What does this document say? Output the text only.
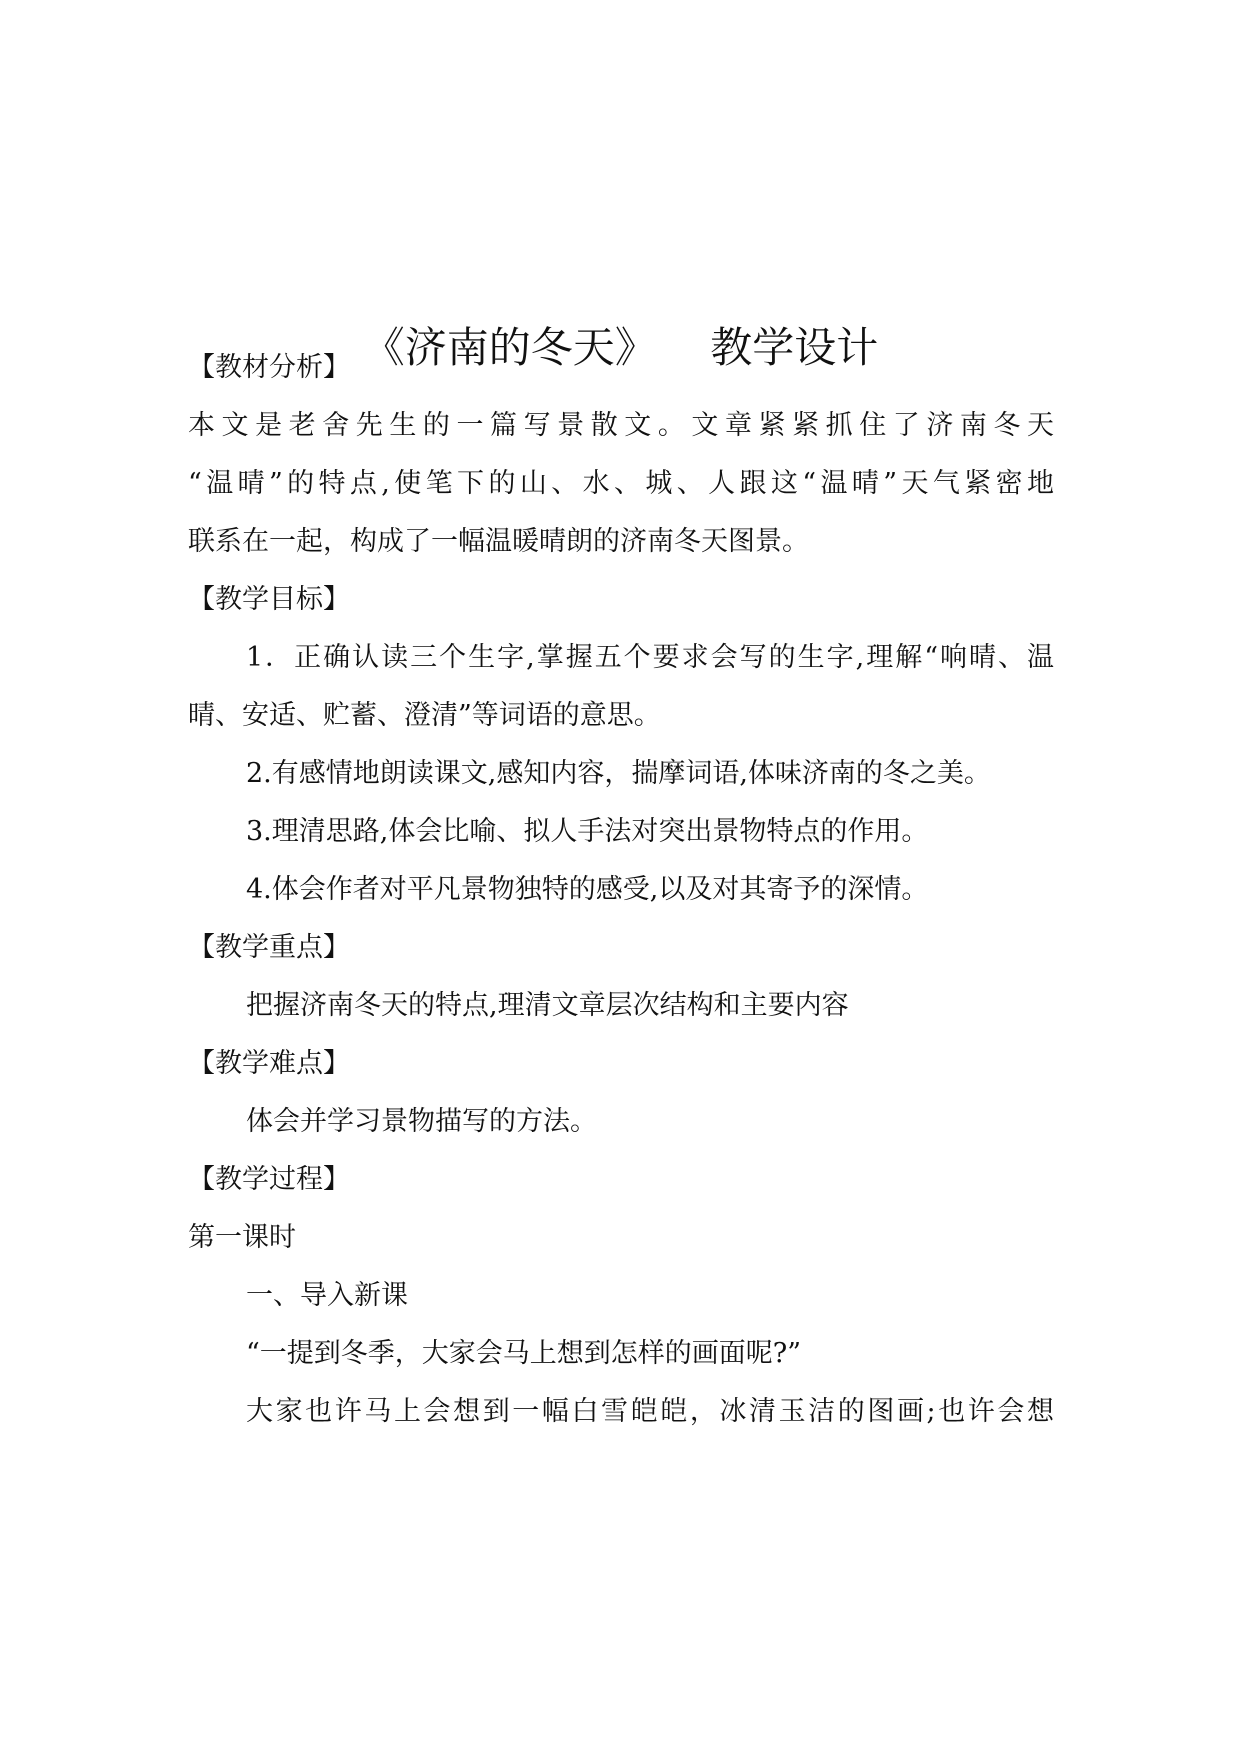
《济南的冬天》    教学设计
【教材分析】
本文是老舍先生的一篇写景散文。文章紧紧抓住了济南冬天
“温晴”的特点,使笔下的山、水、城、人跟这“温晴”天气紧密地
联系在一起，构成了一幅温暖晴朗的济南冬天图景。
【教学目标】
1．正确认读三个生字,掌握五个要求会写的生字,理解“响晴、温
晴、安适、贮蓄、澄清”等词语的意思。
2.有感情地朗读课文,感知内容，揣摩词语,体味济南的冬之美。
3.理清思路,体会比喻、拟人手法对突出景物特点的作用。
4.体会作者对平凡景物独特的感受,以及对其寄予的深情。
【教学重点】
把握济南冬天的特点,理清文章层次结构和主要内容
【教学难点】
体会并学习景物描写的方法。
【教学过程】
第一课时
一、导入新课
“一提到冬季，大家会马上想到怎样的画面呢?”
大家也许马上会想到一幅白雪皑皑，冰清玉洁的图画;也许会想
